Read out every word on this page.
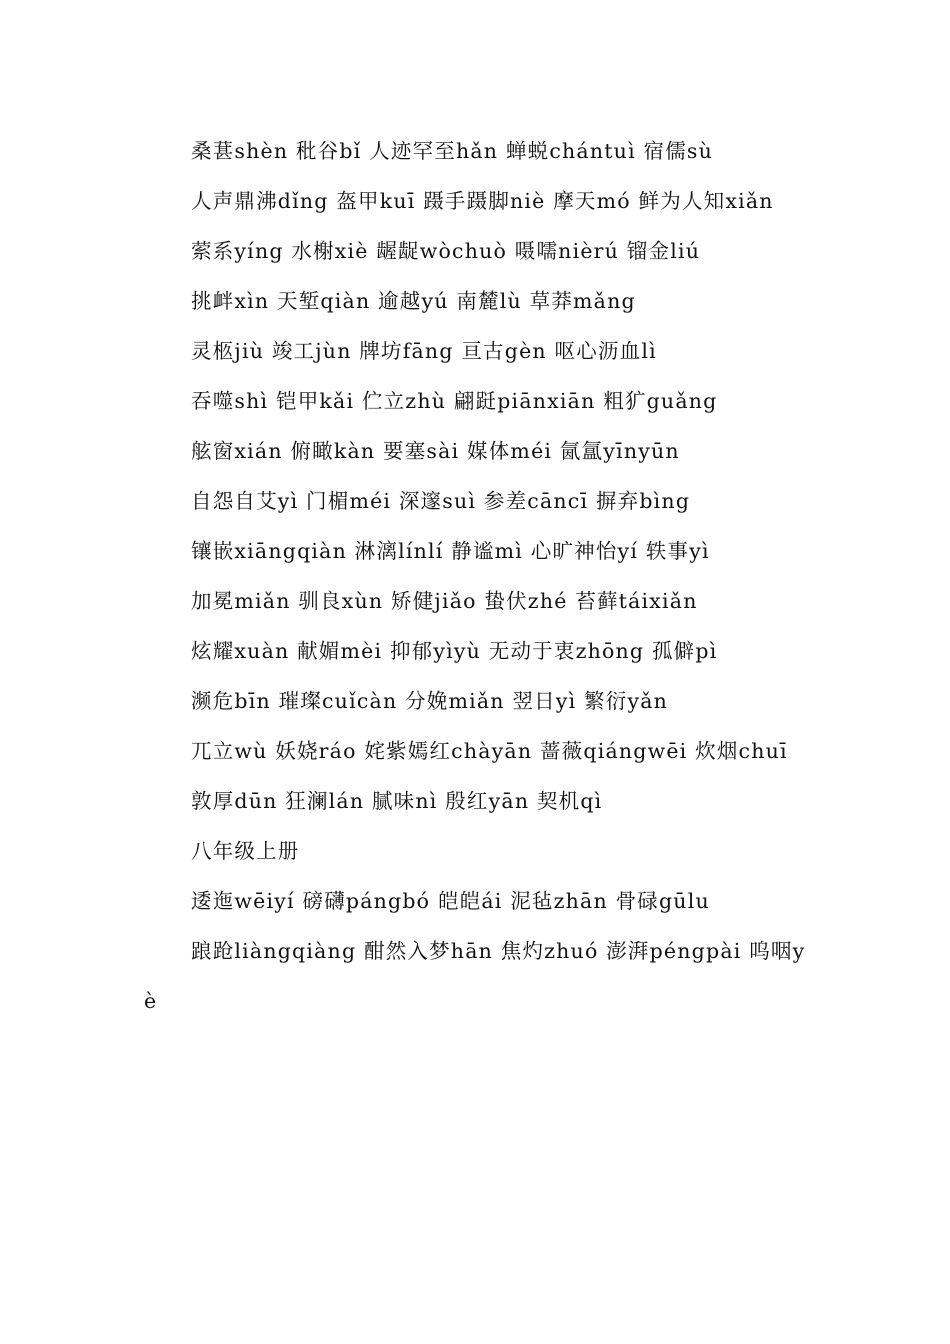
桑葚shèn 秕谷bǐ 人迹罕至hǎn 蝉蜕chántuì 宿儒sù

人声鼎沸dǐng 盔甲kuī 蹑手蹑脚niè 摩天mó 鲜为人知xiǎn

萦系yíng 水榭xiè 龌龊wòchuò 嗫嚅nièrú 镏金liú

挑衅xìn 天堑qiàn 逾越yú 南麓lù 草莽mǎng

灵柩jiù 竣工jùn 牌坊fāng 亘古gèn 呕心沥血lì

吞噬shì 铠甲kǎi 伫立zhù 翩跹piānxiān 粗犷guǎng

舷窗xián 俯瞰kàn 要塞sài 媒体méi 氤氲yīnyūn

自怨自艾yì 门楣méi 深邃suì 参差cāncī 摒弃bìng

镶嵌xiāngqiàn 淋漓línlí 静谧mì 心旷神怡yí 轶事yì

加冕miǎn 驯良xùn 矫健jiǎo 蛰伏zhé 苔藓táixiǎn

炫耀xuàn 献媚mèi 抑郁yìyù 无动于衷zhōng 孤僻pì

濒危bīn 璀璨cuǐcàn 分娩miǎn 翌日yì 繁衍yǎn

兀立wù 妖娆ráo 姹紫嫣红chàyān 蔷薇qiángwēi 炊烟chuī

敦厚dūn 狂澜lán 腻味nì 殷红yān 契机qì

八年级上册

逶迤wēiyí 磅礴pángbó 皑皑ái 泥毡zhān 骨碌gūlu

踉跄liàngqiàng 酣然入梦hān 焦灼zhuó 澎湃péngpài 呜咽yè
